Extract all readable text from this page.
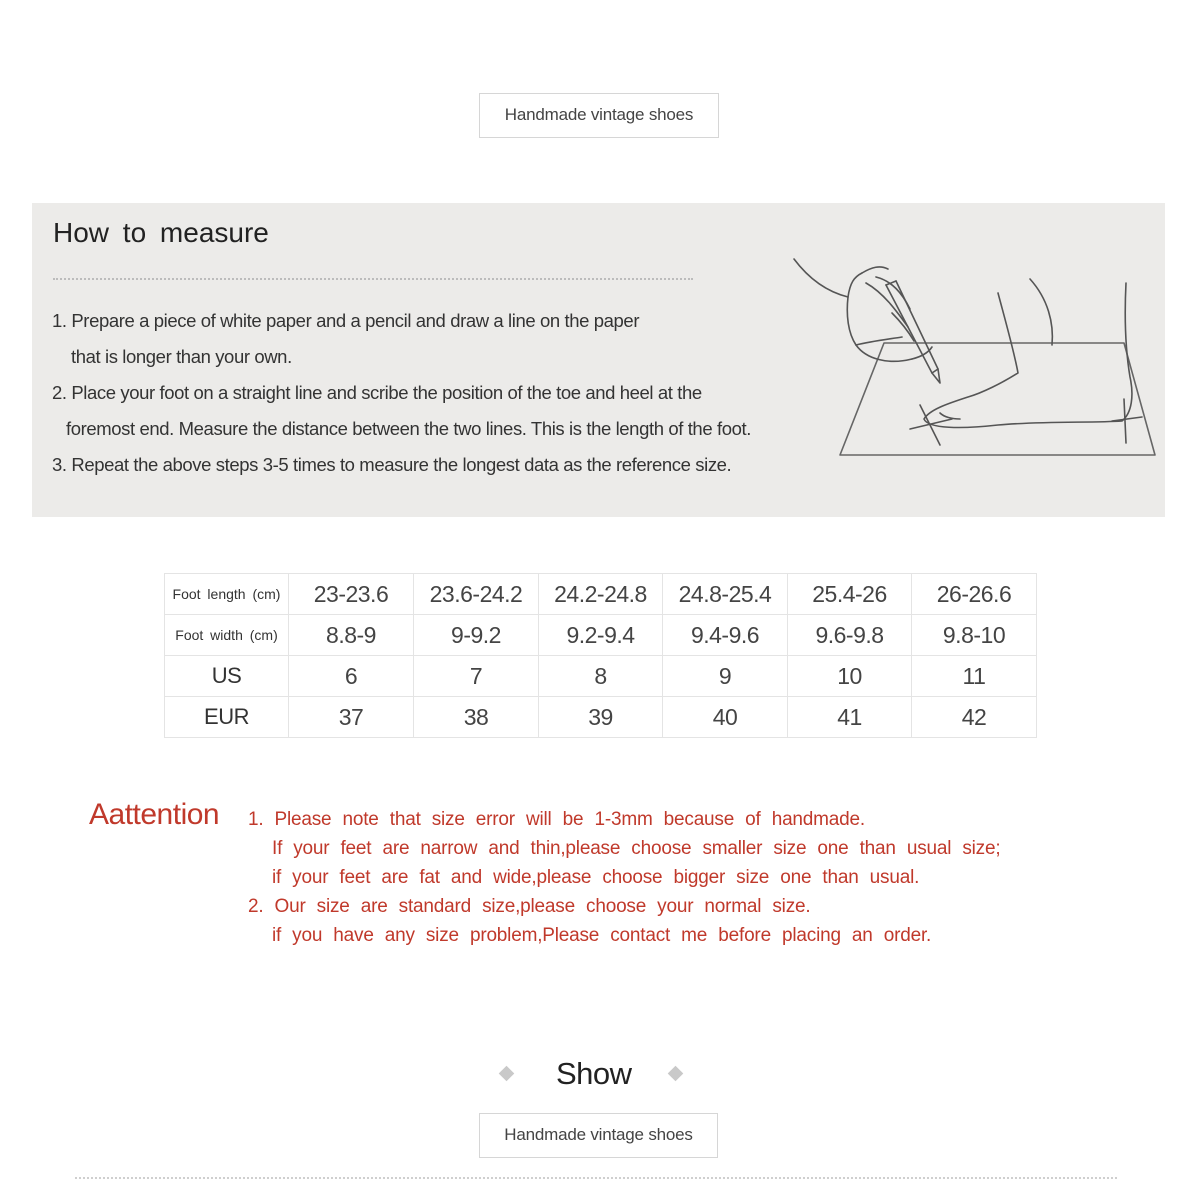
Handmade vintage shoes
How to measure
1. Prepare a piece of white paper and a pencil and draw a line on the paper
that is longer than your own.
2. Place your foot on a straight line and scribe the position of the toe and heel at the
foremost end. Measure the distance between the two lines. This is the length of the foot.
3. Repeat the above steps 3-5 times to measure the longest data as the reference size.
Foot length (cm)	23-23.6	23.6-24.2	24.2-24.8	24.8-25.4	25.4-26	26-26.6
Foot width (cm)	8.8-9	9-9.2	9.2-9.4	9.4-9.6	9.6-9.8	9.8-10
US	6	7	8	9	10	11
EUR	37	38	39	40	41	42
Aattention 1. Please note that size error will be 1-3mm because of handmade.
If your feet are narrow and thin,please choose smaller size one than usual size;
if your feet are fat and wide,please choose bigger size one than usual.
2. Our size are standard size,please choose your normal size.
if you have any size problem,Please contact me before placing an order.
Show
Handmade vintage shoes
